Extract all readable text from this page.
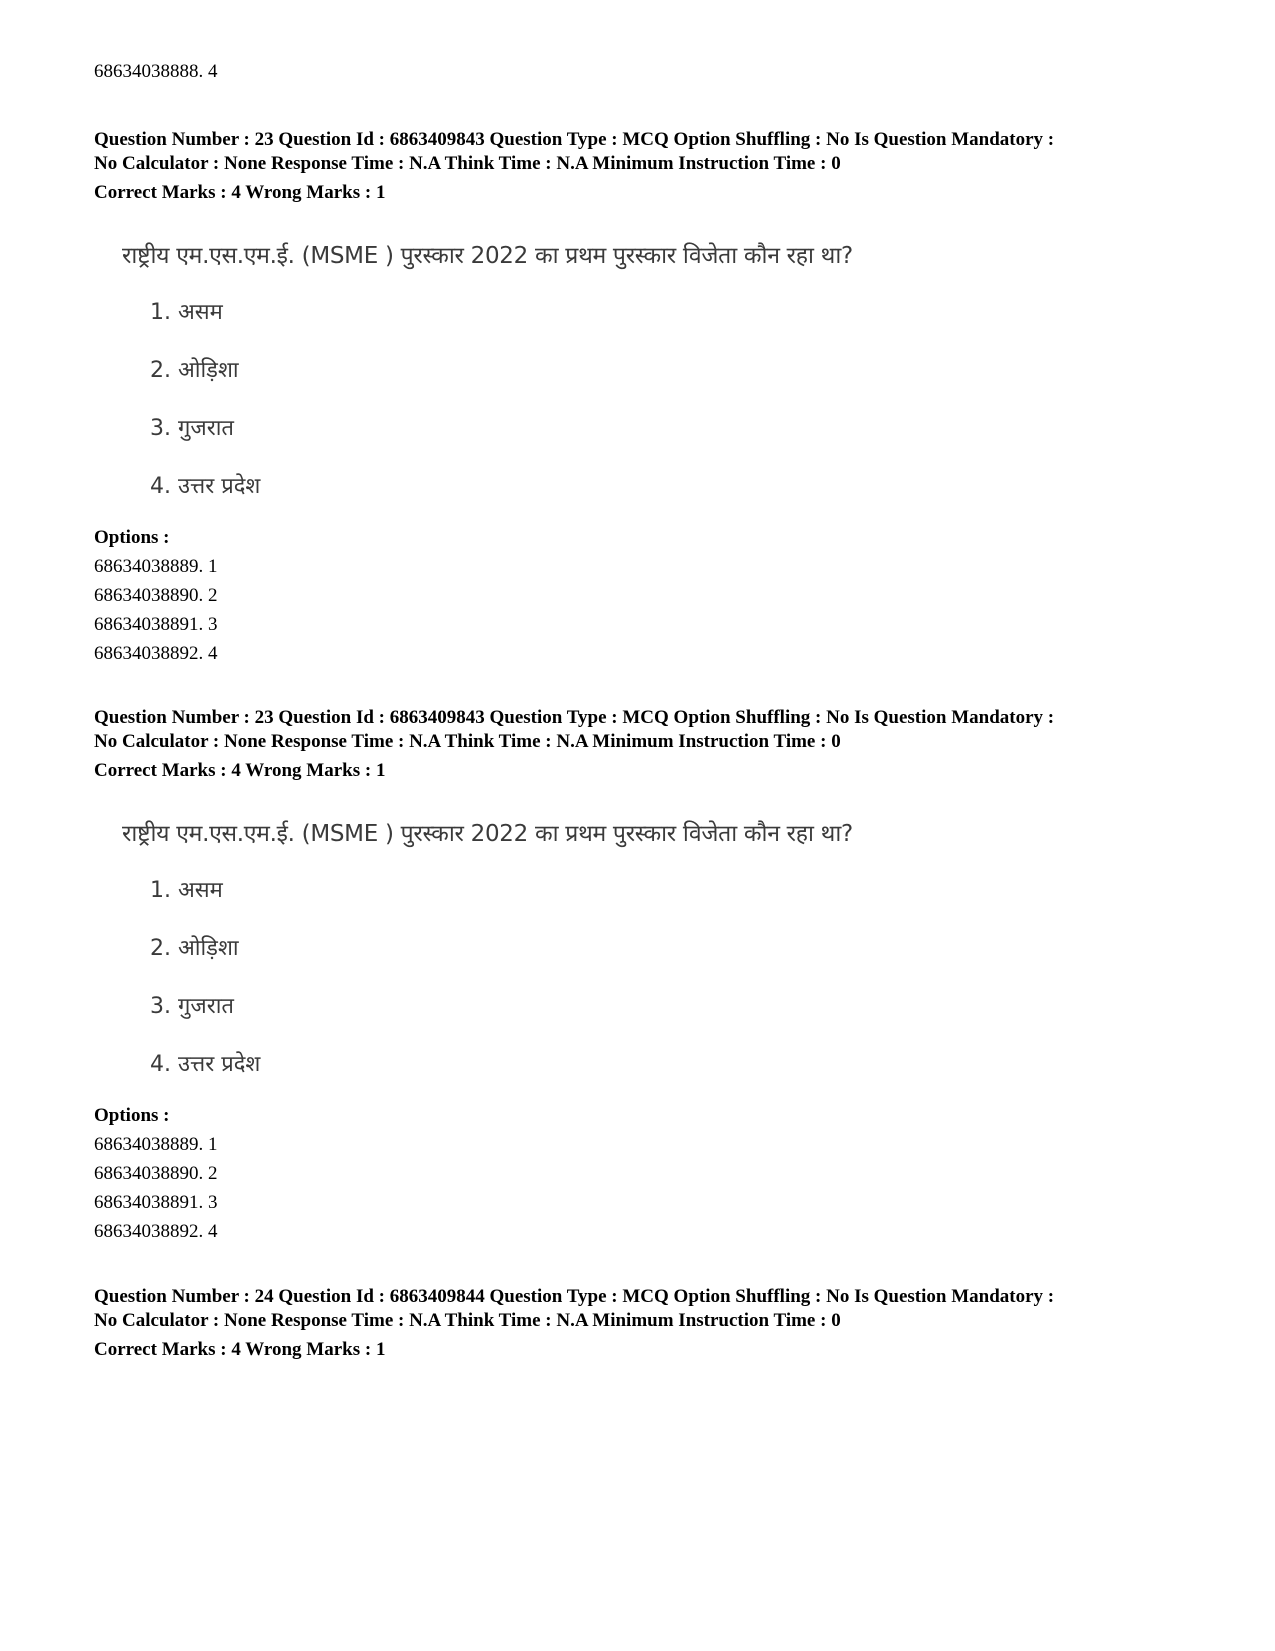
68634038888. 4
Question Number : 23 Question Id : 6863409843 Question Type : MCQ Option Shuffling : No Is Question Mandatory :
No Calculator : None Response Time : N.A Think Time : N.A Minimum Instruction Time : 0
Correct Marks : 4 Wrong Marks : 1
राष्ट्रीय एम.एस.एम.ई. (MSME ) पुरस्कार 2022 का प्रथम पुरस्कार विजेता कौन रहा था?
1. असम
2. ओड़िशा
3. गुजरात
4. उत्तर प्रदेश
Options :
68634038889. 1
68634038890. 2
68634038891. 3
68634038892. 4
Question Number : 23 Question Id : 6863409843 Question Type : MCQ Option Shuffling : No Is Question Mandatory :
No Calculator : None Response Time : N.A Think Time : N.A Minimum Instruction Time : 0
Correct Marks : 4 Wrong Marks : 1
राष्ट्रीय एम.एस.एम.ई. (MSME ) पुरस्कार 2022 का प्रथम पुरस्कार विजेता कौन रहा था?
1. असम
2. ओड़िशा
3. गुजरात
4. उत्तर प्रदेश
Options :
68634038889. 1
68634038890. 2
68634038891. 3
68634038892. 4
Question Number : 24 Question Id : 6863409844 Question Type : MCQ Option Shuffling : No Is Question Mandatory :
No Calculator : None Response Time : N.A Think Time : N.A Minimum Instruction Time : 0
Correct Marks : 4 Wrong Marks : 1
